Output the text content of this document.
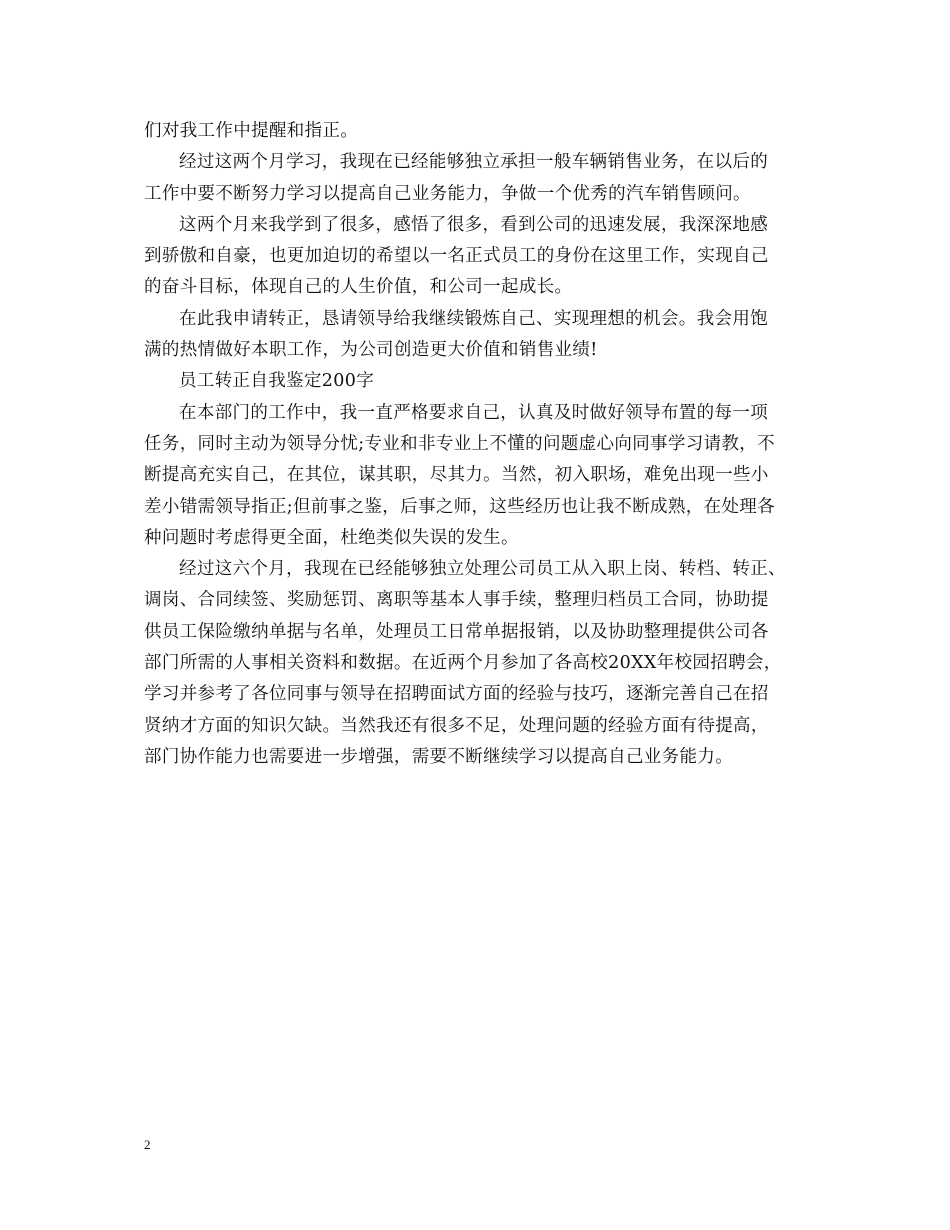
们对我工作中提醒和指正。
经过这两个月学习，我现在已经能够独立承担一般车辆销售业务，在以后的
工作中要不断努力学习以提高自己业务能力，争做一个优秀的汽车销售顾问。
这两个月来我学到了很多，感悟了很多，看到公司的迅速发展，我深深地感
到骄傲和自豪，也更加迫切的希望以一名正式员工的身份在这里工作，实现自己
的奋斗目标，体现自己的人生价值，和公司一起成长。
在此我申请转正，恳请领导给我继续锻炼自己、实现理想的机会。我会用饱
满的热情做好本职工作，为公司创造更大价值和销售业绩!
员工转正自我鉴定200字
在本部门的工作中，我一直严格要求自己，认真及时做好领导布置的每一项
任务，同时主动为领导分忧;专业和非专业上不懂的问题虚心向同事学习请教，不
断提高充实自己，在其位，谋其职，尽其力。当然，初入职场，难免出现一些小
差小错需领导指正;但前事之鉴，后事之师，这些经历也让我不断成熟，在处理各
种问题时考虑得更全面，杜绝类似失误的发生。
经过这六个月，我现在已经能够独立处理公司员工从入职上岗、转档、转正、
调岗、合同续签、奖励惩罚、离职等基本人事手续，整理归档员工合同，协助提
供员工保险缴纳单据与名单，处理员工日常单据报销，以及协助整理提供公司各
部门所需的人事相关资料和数据。在近两个月参加了各高校20XX年校园招聘会，
学习并参考了各位同事与领导在招聘面试方面的经验与技巧，逐渐完善自己在招
贤纳才方面的知识欠缺。当然我还有很多不足，处理问题的经验方面有待提高，
部门协作能力也需要进一步增强，需要不断继续学习以提高自己业务能力。
2
